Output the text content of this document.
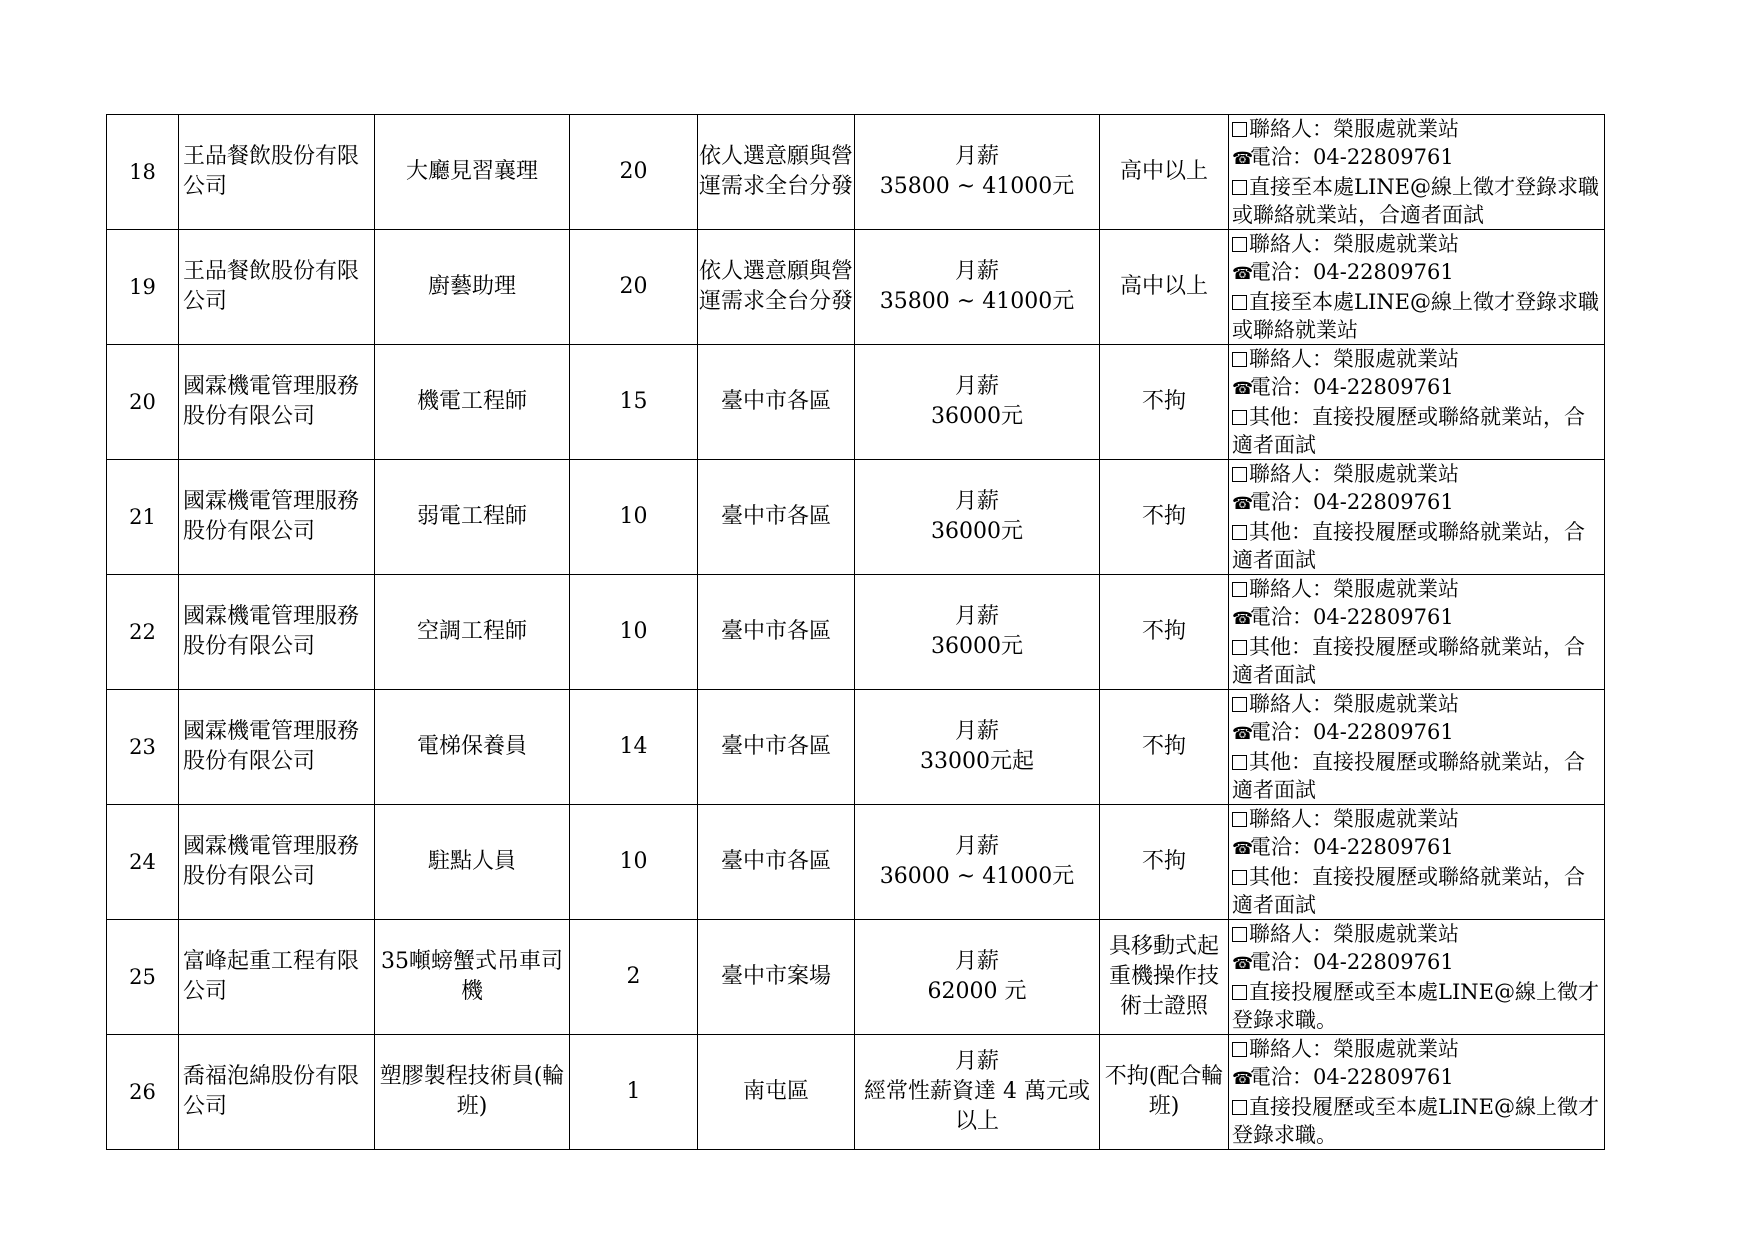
18	王品餐飲股份有限公司	大廳見習襄理	20	依人選意願與營運需求全台分發	月薪
35800 ~ 41000元	高中以上	聯絡人：榮服處就業站
☎電洽：04-22809761
直接至本處LINE@線上徵才登錄求職或聯絡就業站，合適者面試

19	王品餐飲股份有限公司	廚藝助理	20	依人選意願與營運需求全台分發	月薪
35800 ~ 41000元	高中以上	聯絡人：榮服處就業站
☎電洽：04-22809761
直接至本處LINE@線上徵才登錄求職或聯絡就業站

20	國霖機電管理服務股份有限公司	機電工程師	15	臺中市各區	月薪
36000元	不拘	聯絡人：榮服處就業站
☎電洽：04-22809761
其他：直接投履歷或聯絡就業站，合適者面試

21	國霖機電管理服務股份有限公司	弱電工程師	10	臺中市各區	月薪
36000元	不拘	聯絡人：榮服處就業站
☎電洽：04-22809761
其他：直接投履歷或聯絡就業站，合適者面試

22	國霖機電管理服務股份有限公司	空調工程師	10	臺中市各區	月薪
36000元	不拘	聯絡人：榮服處就業站
☎電洽：04-22809761
其他：直接投履歷或聯絡就業站，合適者面試

23	國霖機電管理服務股份有限公司	電梯保養員	14	臺中市各區	月薪
33000元起	不拘	聯絡人：榮服處就業站
☎電洽：04-22809761
其他：直接投履歷或聯絡就業站，合適者面試

24	國霖機電管理服務股份有限公司	駐點人員	10	臺中市各區	月薪
36000 ~ 41000元	不拘	聯絡人：榮服處就業站
☎電洽：04-22809761
其他：直接投履歷或聯絡就業站，合適者面試

25	富峰起重工程有限公司	35噸螃蟹式吊車司機	2	臺中市案場	月薪
62000 元	具移動式起重機操作技術士證照	聯絡人：榮服處就業站
☎電洽：04-22809761
直接投履歷或至本處LINE@線上徵才登錄求職。

26	喬福泡綿股份有限公司	塑膠製程技術員(輪班)	1	南屯區	月薪
經常性薪資達 4 萬元或以上	不拘(配合輪班)	聯絡人：榮服處就業站
☎電洽：04-22809761
直接投履歷或至本處LINE@線上徵才登錄求職。
